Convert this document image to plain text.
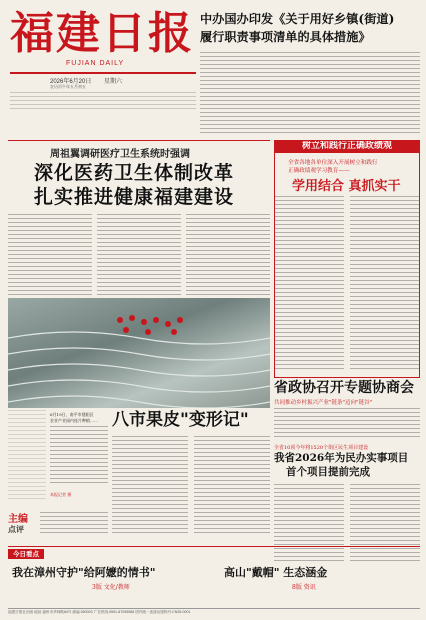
福建日报
FUJIAN DAILY
2026年6月20日 星期六
农历丙午年五月初五
中办国办印发《关于用好乡镇(街道)
履行职责事项清单的具体措施》
周祖翼调研医疗卫生系统时强调
深化医药卫生体制改革
扎实推进健康福建建设
树立和践行正确政绩观
全省各地各单位深入开展树立和践行
正确政绩观学习教育——
学用结合 真抓实干
6月19日，南平市建阳区
农业产业园内连片种植……
本报记者 摄
八市果皮"变形记"
主编
点评
省政协召开专题协商会
共同推动乡村振兴产业"链条"迈向"链谷"
全省10项今年将1520个街区民生项目建设
我省2026年为民办实事项目
首个项目提前完成
今日看点
我在漳州守护"给阿嬷的情书"
3版 文化/教师
高山"戴帽" 生态涵金
8版 资讯
福建日报社出版 地址:福州市华林路84号 邮编:350003 广告热线:0591-87095588 国内统一连续出版物号:CN35-0001
